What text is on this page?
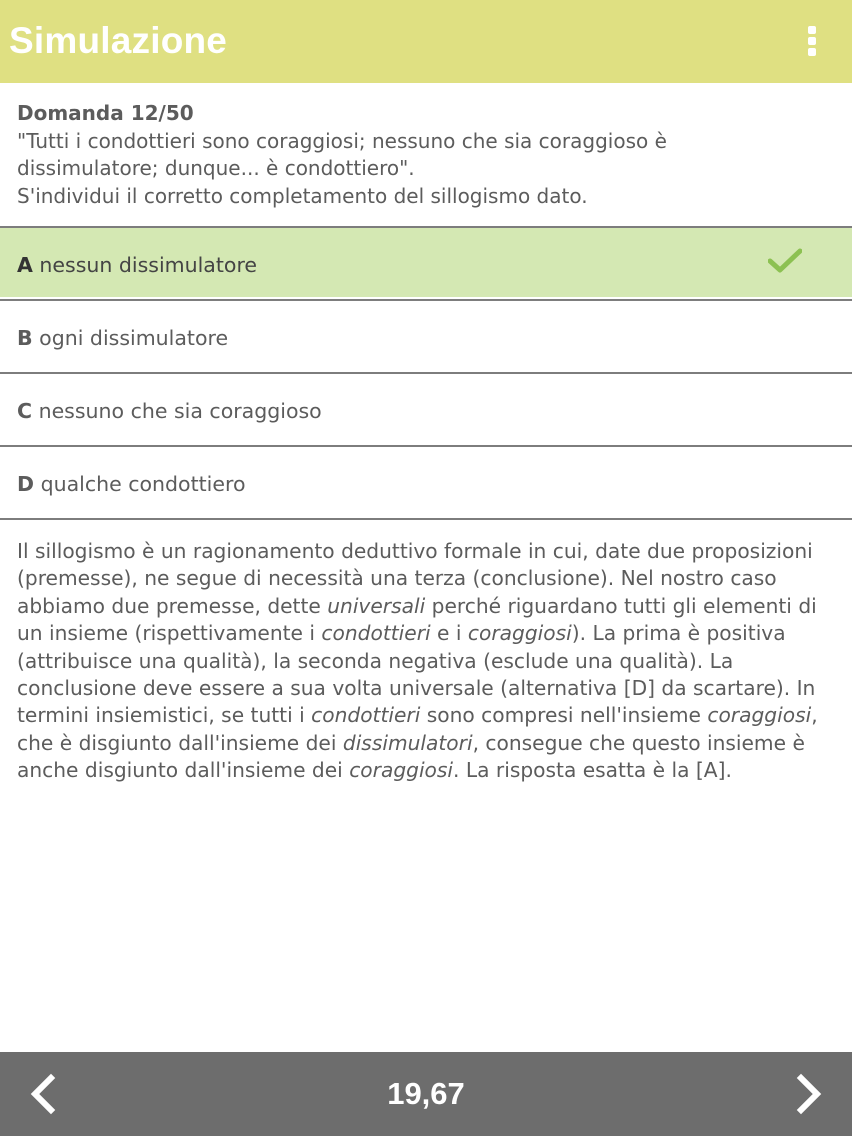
Simulazione
Domanda 12/50
"Tutti i condottieri sono coraggiosi; nessuno che sia coraggioso è
dissimulatore; dunque... è condottiero".
S'individui il corretto completamento del sillogismo dato.
A nessun dissimulatore
B ogni dissimulatore
C nessuno che sia coraggioso
D qualche condottiero
Il sillogismo è un ragionamento deduttivo formale in cui, date due proposizioni (premesse), ne segue di necessità una terza (conclusione). Nel nostro caso abbiamo due premesse, dette universali perché riguardano tutti gli elementi di un insieme (rispettivamente i condottieri e i coraggiosi). La prima è positiva (attribuisce una qualità), la seconda negativa (esclude una qualità). La conclusione deve essere a sua volta universale (alternativa [D] da scartare). In termini insiemistici, se tutti i condottieri sono compresi nell'insieme coraggiosi, che è disgiunto dall'insieme dei dissimulatori, consegue che questo insieme è anche disgiunto dall'insieme dei coraggiosi. La risposta esatta è la [A].
19,67
